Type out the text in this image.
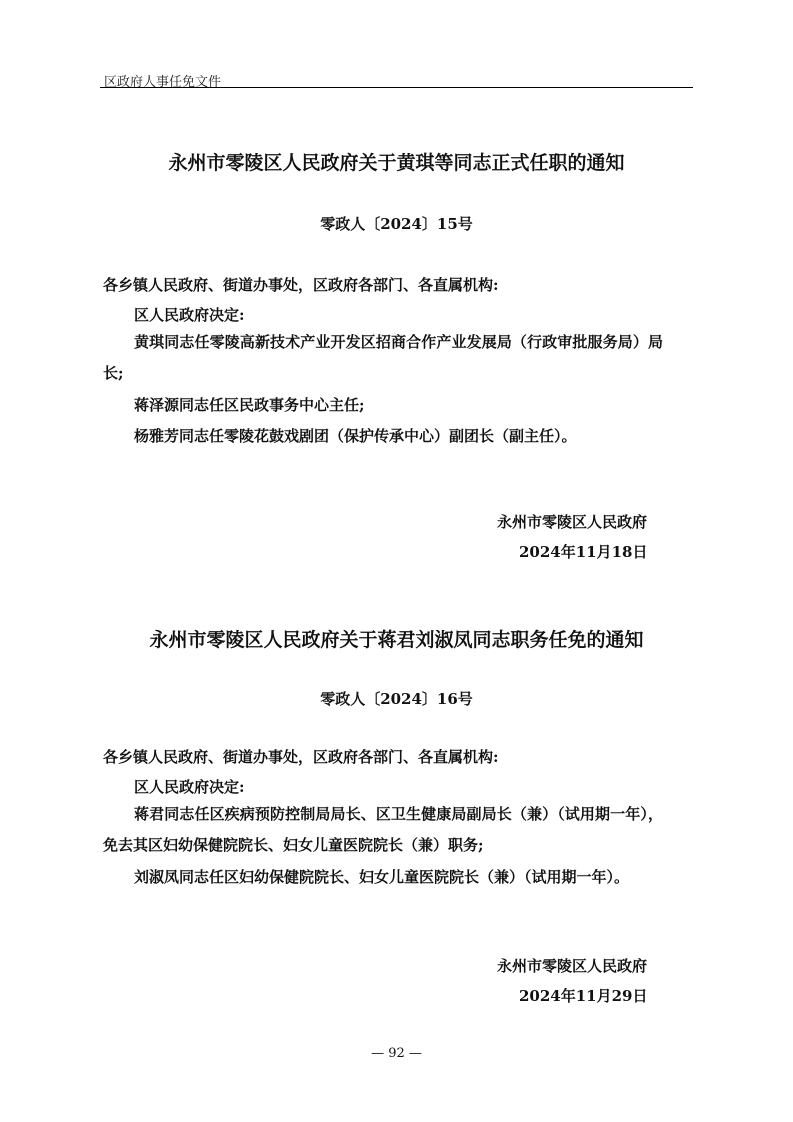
区政府人事任免文件
永州市零陵区人民政府关于黄琪等同志正式任职的通知
零政人〔2024〕15号
各乡镇人民政府、街道办事处，区政府各部门、各直属机构:
区人民政府决定:
黄琪同志任零陵高新技术产业开发区招商合作产业发展局（行政审批服务局）局长;
蒋泽源同志任区民政事务中心主任;
杨雅芳同志任零陵花鼓戏剧团（保护传承中心）副团长（副主任）。
永州市零陵区人民政府
2024年11月18日
永州市零陵区人民政府关于蒋君刘淑凤同志职务任免的通知
零政人〔2024〕16号
各乡镇人民政府、街道办事处，区政府各部门、各直属机构:
区人民政府决定:
蒋君同志任区疾病预防控制局局长、区卫生健康局副局长（兼）（试用期一年），免去其区妇幼保健院院长、妇女儿童医院院长（兼）职务;
刘淑凤同志任区妇幼保健院院长、妇女儿童医院院长（兼）（试用期一年）。
永州市零陵区人民政府
2024年11月29日
— 92 —
